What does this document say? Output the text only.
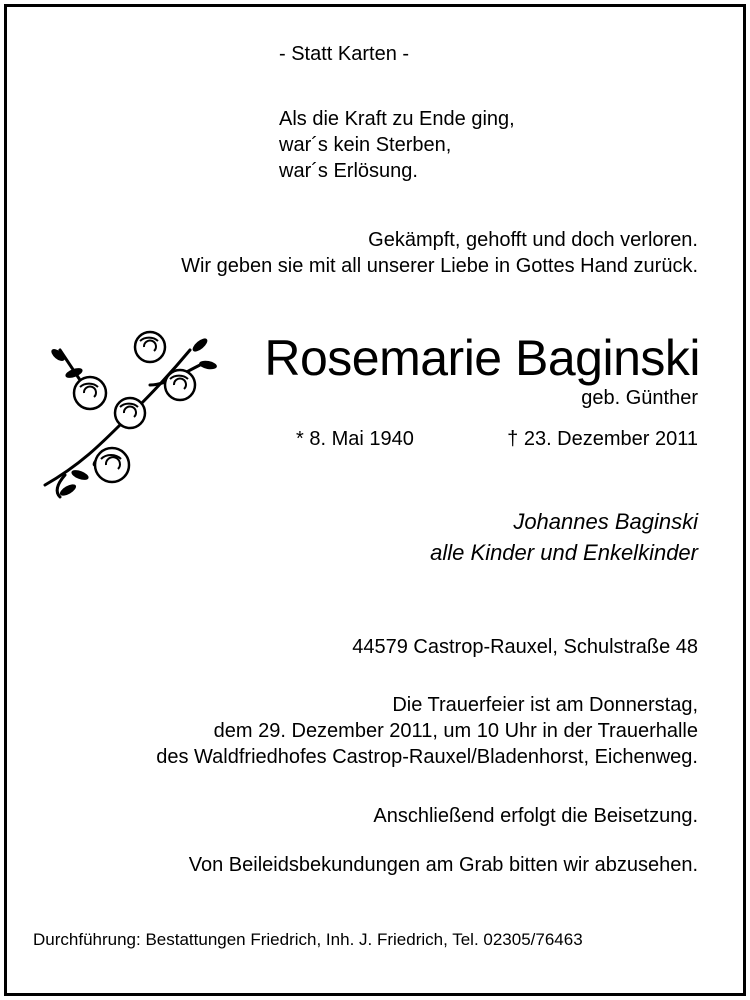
- Statt Karten -
Als die Kraft zu Ende ging,
war´s kein Sterben,
war´s Erlösung.
Gekämpft, gehofft und doch verloren.
Wir geben sie mit all unserer Liebe in Gottes Hand zurück.
Rosemarie Baginski
geb. Günther
* 8. Mai 1940	† 23. Dezember 2011
Johannes Baginski
alle Kinder und Enkelkinder
44579 Castrop-Rauxel, Schulstraße 48
Die Trauerfeier ist am Donnerstag,
dem 29. Dezember 2011, um 10 Uhr in der Trauerhalle
des Waldfriedhofes Castrop-Rauxel/Bladenhorst, Eichenweg.
Anschließend erfolgt die Beisetzung.
Von Beileidsbekundungen am Grab bitten wir abzusehen.
Durchführung: Bestattungen Friedrich, Inh. J. Friedrich, Tel. 02305/76463
